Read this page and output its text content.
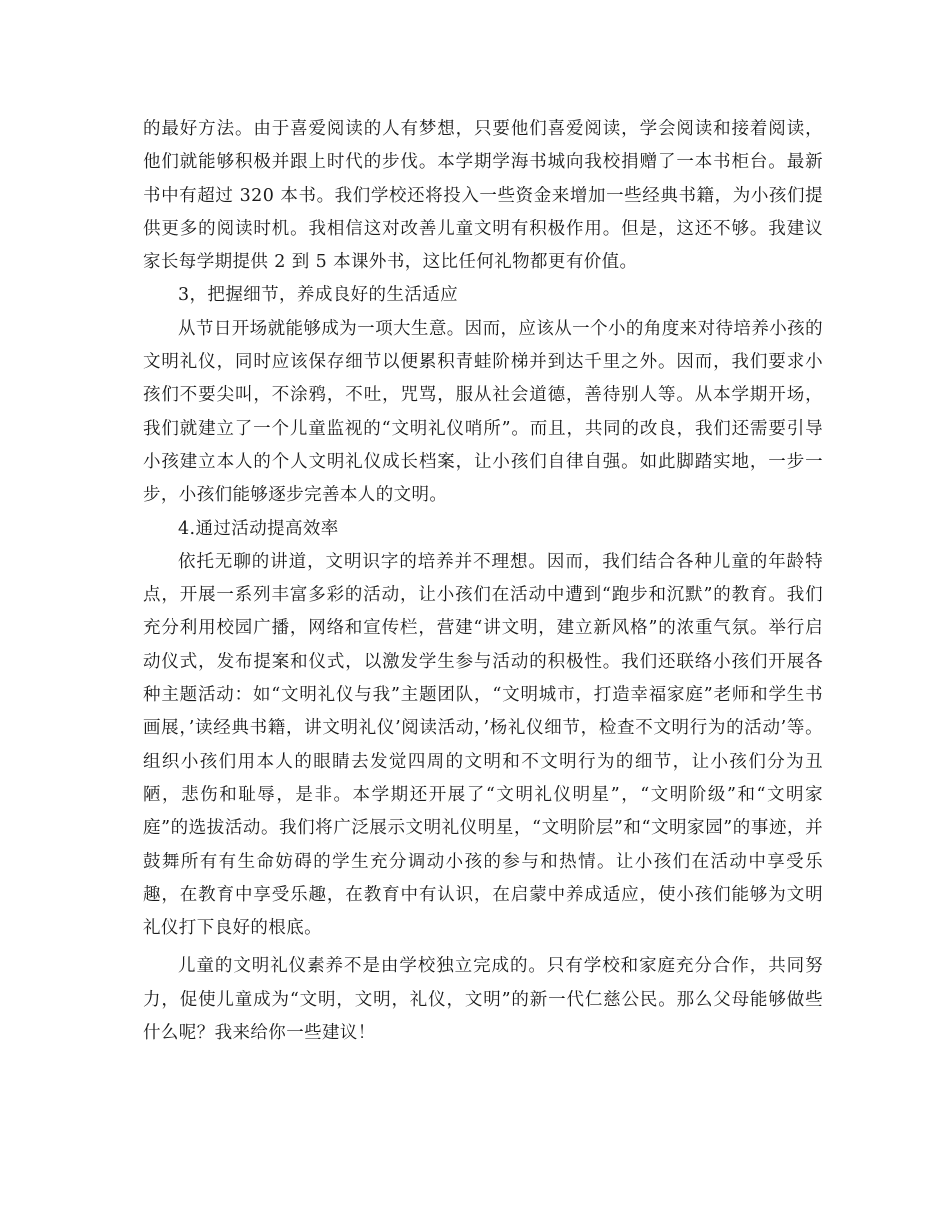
的最好方法。由于喜爱阅读的人有梦想，只要他们喜爱阅读，学会阅读和接着阅读，他们就能够积极并跟上时代的步伐。本学期学海书城向我校捐赠了一本书柜台。最新书中有超过 320 本书。我们学校还将投入一些资金来增加一些经典书籍，为小孩们提供更多的阅读时机。我相信这对改善儿童文明有积极作用。但是，这还不够。我建议家长每学期提供 2 到 5 本课外书，这比任何礼物都更有价值。

3，把握细节，养成良好的生活适应

从节日开场就能够成为一项大生意。因而，应该从一个小的角度来对待培养小孩的文明礼仪，同时应该保存细节以便累积青蛙阶梯并到达千里之外。因而，我们要求小孩们不要尖叫，不涂鸦，不吐，咒骂，服从社会道德，善待别人等。从本学期开场，我们就建立了一个儿童监视的“文明礼仪哨所”。而且，共同的改良，我们还需要引导小孩建立本人的个人文明礼仪成长档案，让小孩们自律自强。如此脚踏实地，一步一步，小孩们能够逐步完善本人的文明。

4.通过活动提高效率

依托无聊的讲道，文明识字的培养并不理想。因而，我们结合各种儿童的年龄特点，开展一系列丰富多彩的活动，让小孩们在活动中遭到“跑步和沉默”的教育。我们充分利用校园广播，网络和宣传栏，营建“讲文明，建立新风格”的浓重气氛。举行启动仪式，发布提案和仪式，以激发学生参与活动的积极性。我们还联络小孩们开展各种主题活动：如“文明礼仪与我”主题团队，“文明城市，打造幸福家庭”老师和学生书画展，’读经典书籍，讲文明礼仪’阅读活动，’杨礼仪细节，检查不文明行为的活动’等。组织小孩们用本人的眼睛去发觉四周的文明和不文明行为的细节，让小孩们分为丑陋，悲伤和耻辱，是非。本学期还开展了“文明礼仪明星”，“文明阶级”和“文明家庭”的选拔活动。我们将广泛展示文明礼仪明星，“文明阶层”和“文明家园”的事迹，并鼓舞所有有生命妨碍的学生充分调动小孩的参与和热情。让小孩们在活动中享受乐趣，在教育中享受乐趣，在教育中有认识，在启蒙中养成适应，使小孩们能够为文明礼仪打下良好的根底。

儿童的文明礼仪素养不是由学校独立完成的。只有学校和家庭充分合作，共同努力，促使儿童成为“文明，文明，礼仪，文明”的新一代仁慈公民。那么父母能够做些什么呢？我来给你一些建议！
